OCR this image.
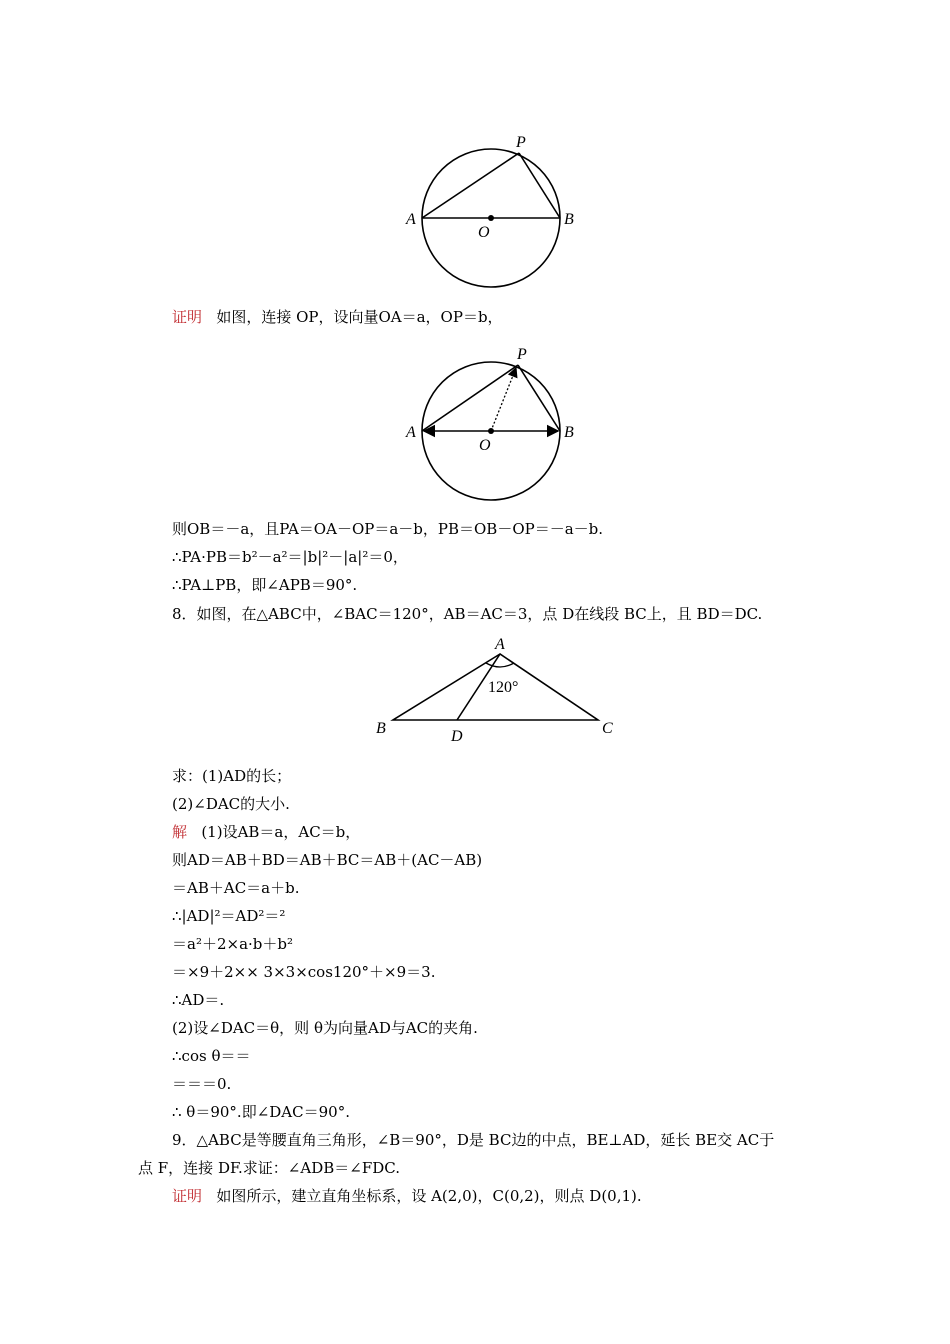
P
A
O
B
证明 如图，连接 OP，设向量OA＝a，OP＝b，
P
A
O
B
则OB＝－a，且PA＝OA－OP＝a－b，PB＝OB－OP＝－a－b.
∴PA·PB＝b²－a²＝|b|²－|a|²＝0，
∴PA⊥PB，即∠APB＝90°.
8．如图，在△ABC中，∠BAC＝120°，AB＝AC＝3，点 D在线段 BC上，且 BD＝DC.
A
B	D	C
120°
求：(1)AD的长；
(2)∠DAC的大小.
解 (1)设AB＝a，AC＝b，
则AD＝AB＋BD＝AB＋BC＝AB＋(AC－AB)
＝AB＋AC＝a＋b.
∴|AD|²＝AD²＝²
＝a²＋2×a·b＋b²
＝×9＋2×× 3×3×cos120°＋×9＝3.
∴AD＝.
(2)设∠DAC＝θ，则 θ为向量AD与AC的夹角.
∴cos θ＝＝
＝＝＝0.
∴ θ＝90°.即∠DAC＝90°.
9．△ABC是等腰直角三角形，∠B＝90°，D是 BC边的中点，BE⊥AD，延长 BE交 AC于
点 F，连接 DF.求证：∠ADB＝∠FDC.
证明 如图所示，建立直角坐标系，设 A(2,0)，C(0,2)，则点 D(0,1).
